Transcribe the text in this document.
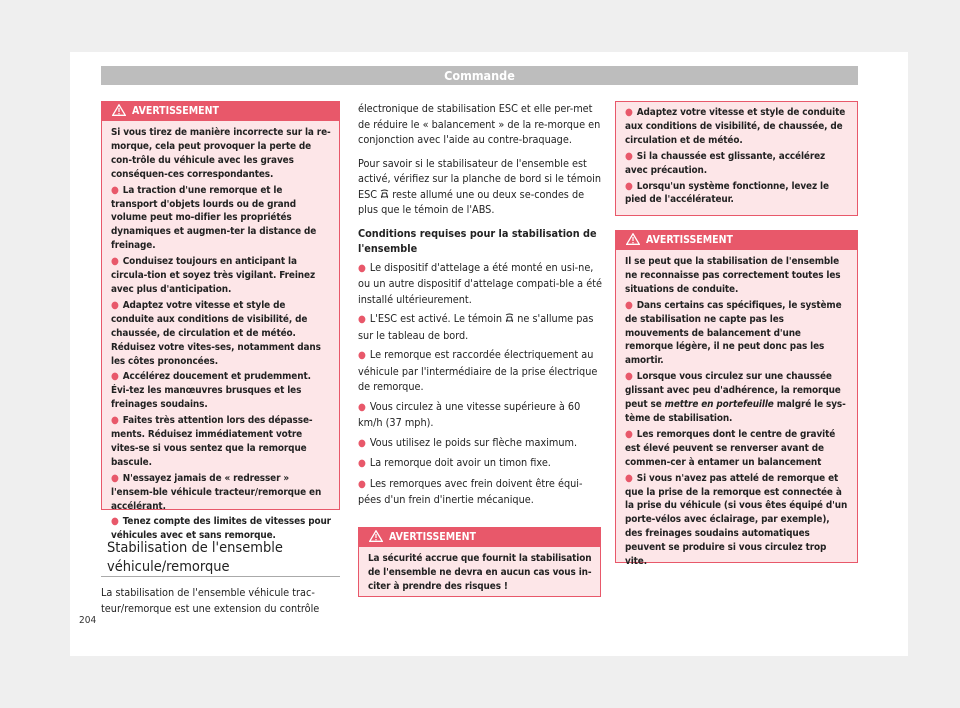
Commande
AVERTISSEMENT

Si vous tirez de manière incorrecte sur la re-morque, cela peut provoquer la perte de con-trôle du véhicule avec les graves conséquen-ces correspondantes.

● La traction d'une remorque et le transport d'objets lourds ou de grand volume peut mo-difier les propriétés dynamiques et augmen-ter la distance de freinage.

● Conduisez toujours en anticipant la circula-tion et soyez très vigilant. Freinez avec plus d'anticipation.

● Adaptez votre vitesse et style de conduite aux conditions de visibilité, de chaussée, de circulation et de météo. Réduisez votre vites-ses, notamment dans les côtes prononcées.

● Accélérez doucement et prudemment. Évi-tez les manœuvres brusques et les freinages soudains.

● Faites très attention lors des dépasse-ments. Réduisez immédiatement votre vites-se si vous sentez que la remorque bascule.

● N'essayez jamais de « redresser » l'ensem-ble véhicule tracteur/remorque en accélérant.

● Tenez compte des limites de vitesses pour véhicules avec et sans remorque.

Stabilisation de l'ensemble véhicule/remorque

La stabilisation de l'ensemble véhicule trac-teur/remorque est une extension du contrôle

204

électronique de stabilisation ESC et elle per-met de réduire le « balancement » de la re-morque en conjonction avec l'aide au contre-braquage.

Pour savoir si le stabilisateur de l'ensemble est activé, vérifiez sur la planche de bord si le témoin ESC reste allumé une ou deux se-condes de plus que le témoin de l'ABS.

Conditions requises pour la stabilisation de l'ensemble

● Le dispositif d'attelage a été monté en usi-ne, ou un autre dispositif d'attelage compati-ble a été installé ultérieurement.

● L'ESC est activé. Le témoin ne s'allume pas sur le tableau de bord.

● Le remorque est raccordée électriquement au véhicule par l'intermédiaire de la prise électrique de remorque.

● Vous circulez à une vitesse supérieure à 60 km/h (37 mph).

● Vous utilisez le poids sur flèche maximum.

● La remorque doit avoir un timon fixe.

● Les remorques avec frein doivent être équi-pées d'un frein d'inertie mécanique.

AVERTISSEMENT

La sécurité accrue que fournit la stabilisation de l'ensemble ne devra en aucun cas vous in-citer à prendre des risques !

● Adaptez votre vitesse et style de conduite aux conditions de visibilité, de chaussée, de circulation et de météo.

● Si la chaussée est glissante, accélérez avec précaution.

● Lorsqu'un système fonctionne, levez le pied de l'accélérateur.

AVERTISSEMENT

Il se peut que la stabilisation de l'ensemble ne reconnaisse pas correctement toutes les situations de conduite.

● Dans certains cas spécifiques, le système de stabilisation ne capte pas les mouvements de balancement d'une remorque légère, il ne peut donc pas les amortir.

● Lorsque vous circulez sur une chaussée glissant avec peu d'adhérence, la remorque peut se mettre en portefeuille malgré le sys-tème de stabilisation.

● Les remorques dont le centre de gravité est élevé peuvent se renverser avant de commen-cer à entamer un balancement

● Si vous n'avez pas attelé de remorque et que la prise de la remorque est connectée à la prise du véhicule (si vous êtes équipé d'un porte-vélos avec éclairage, par exemple), des freinages soudains automatiques peuvent se produire si vous circulez trop vite.
